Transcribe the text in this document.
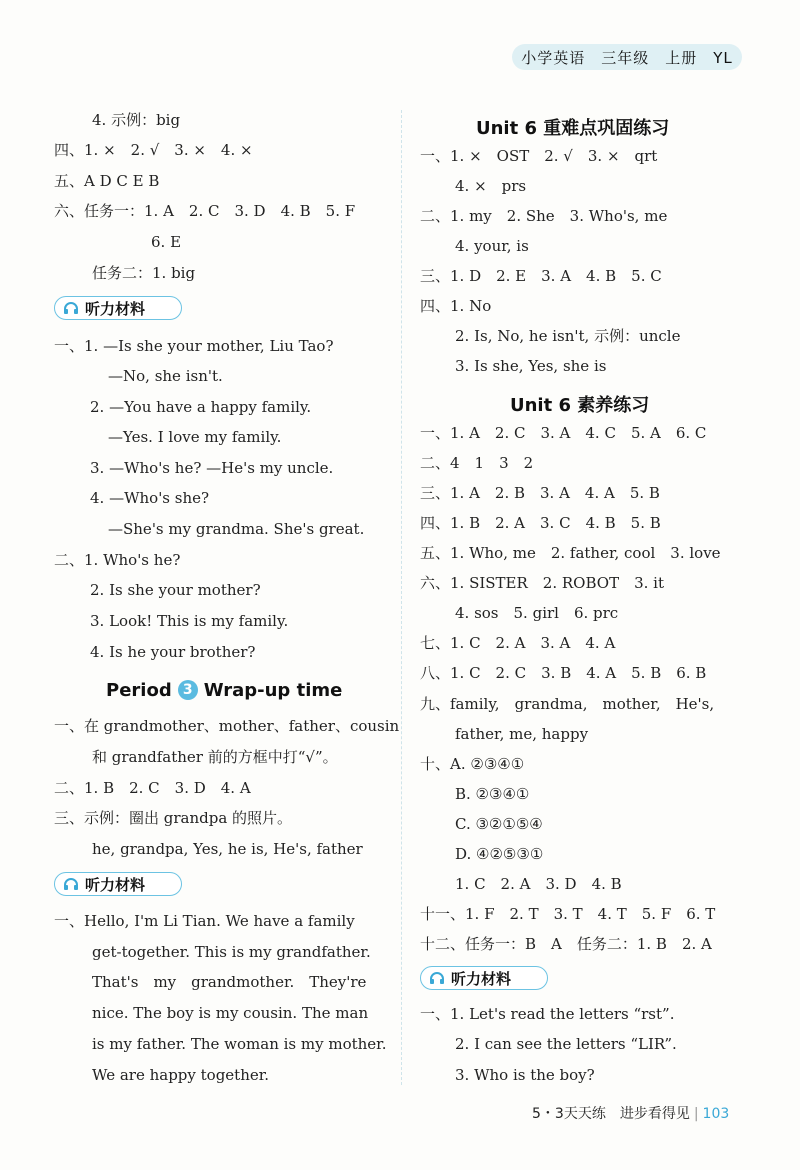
小学英语　三年级　上册　YL
4. 示例：big
四、1. ×　2. √　3. ×　4. ×
五、A D C E B
六、任务一：1. A　2. C　3. D　4. B　5. F
6. E
任务二：1. big
听力材料
一、1. —Is she your mother, Liu Tao?
—No, she isn't.
2. —You have a happy family.
—Yes. I love my family.
3. —Who's he? —He's my uncle.
4. —Who's she?
—She's my grandma. She's great.
二、1. Who's he?
2. Is she your mother?
3. Look! This is my family.
4. Is he your brother?
Period 3 Wrap-up time
一、在 grandmother、mother、father、cousin
和 grandfather 前的方框中打“√”。
二、1. B　2. C　3. D　4. A
三、示例：圈出 grandpa 的照片。
he, grandpa, Yes, he is, He's, father
听力材料
一、Hello, I'm Li Tian. We have a family
get-together. This is my grandfather.
That's　my　grandmother.　They're
nice. The boy is my cousin. The man
is my father. The woman is my mother.
We are happy together.
Unit 6 重难点巩固练习
一、1. ×　OST　2. √　3. ×　qrt
4. ×　prs
二、1. my　2. She　3. Who's, me
4. your, is
三、1. D　2. E　3. A　4. B　5. C
四、1. No
2. Is, No, he isn't, 示例：uncle
3. Is she, Yes, she is
Unit 6 素养练习
一、1. A　2. C　3. A　4. C　5. A　6. C
二、4　1　3　2
三、1. A　2. B　3. A　4. A　5. B
四、1. B　2. A　3. C　4. B　5. B
五、1. Who, me　2. father, cool　3. love
六、1. SISTER　2. ROBOT　3. it
4. sos　5. girl　6. prc
七、1. C　2. A　3. A　4. A
八、1. C　2. C　3. B　4. A　5. B　6. B
九、family,　grandma,　mother,　He's,
father, me, happy
十、A. ②③④①
B. ②③④①
C. ③②①⑤④
D. ④②⑤③①
1. C　2. A　3. D　4. B
十一、1. F　2. T　3. T　4. T　5. F　6. T
十二、任务一：B　A　任务二：1. B　2. A
听力材料
一、1. Let's read the letters “rst”.
2. I can see the letters “LIR”.
3. Who is the boy?
5・3天天练　进步看得见 | 103
